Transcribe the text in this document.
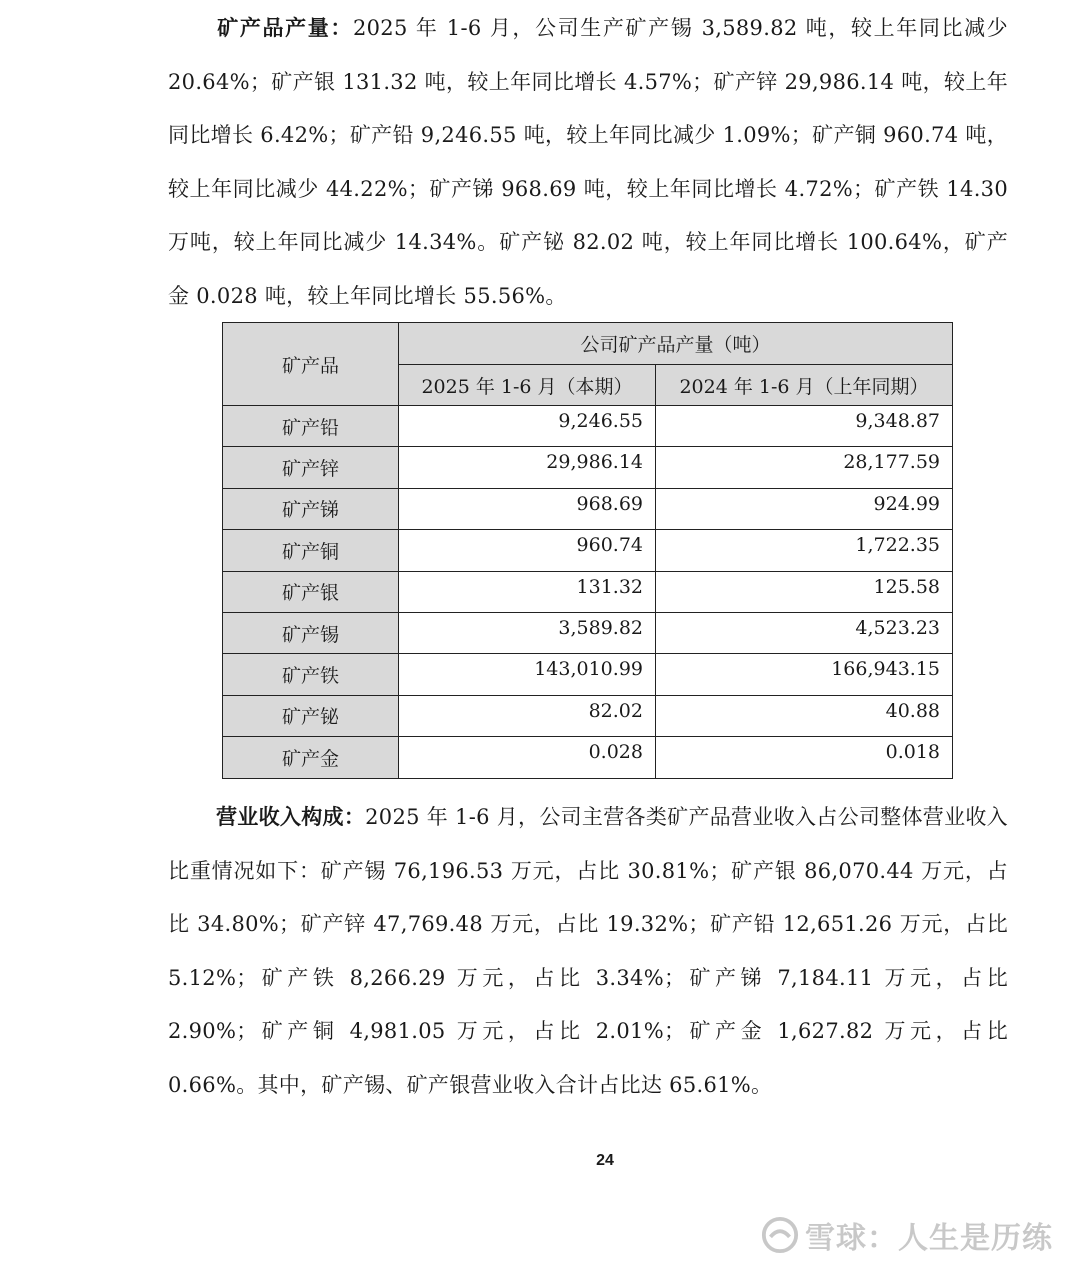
矿产品产量：2025 年 1-6 月，公司生产矿产锡 3,589.82 吨，较上年同比减少 20.64%；矿产银 131.32 吨，较上年同比增长 4.57%；矿产锌 29,986.14 吨，较上年同比增长 6.42%；矿产铅 9,246.55 吨，较上年同比减少 1.09%；矿产铜 960.74 吨，较上年同比减少 44.22%；矿产锑 968.69 吨，较上年同比增长 4.72%；矿产铁 14.30 万吨，较上年同比减少 14.34%。矿产铋 82.02 吨，较上年同比增长 100.64%，矿产金 0.028 吨，较上年同比增长 55.56%。

矿产品	公司矿产品产量（吨）	
	2025 年 1-6 月（本期）	2024 年 1-6 月（上年同期）
矿产铅	9,246.55	9,348.87
矿产锌	29,986.14	28,177.59
矿产锑	968.69	924.99
矿产铜	960.74	1,722.35
矿产银	131.32	125.58
矿产锡	3,589.82	4,523.23
矿产铁	143,010.99	166,943.15
矿产铋	82.02	40.88
矿产金	0.028	0.018

营业收入构成：2025 年 1-6 月，公司主营各类矿产品营业收入占公司整体营业收入比重情况如下：矿产锡 76,196.53 万元，占比 30.81%；矿产银 86,070.44 万元，占比 34.80%；矿产锌 47,769.48 万元，占比 19.32%；矿产铅 12,651.26 万元，占比 5.12%；矿产铁 8,266.29 万元，占比 3.34%；矿产锑 7,184.11 万元，占比 2.90%；矿产铜 4,981.05 万元，占比 2.01%；矿产金 1,627.82 万元，占比 0.66%。其中，矿产锡、矿产银营业收入合计占比达 65.61%。

24
雪球：人生是历练
